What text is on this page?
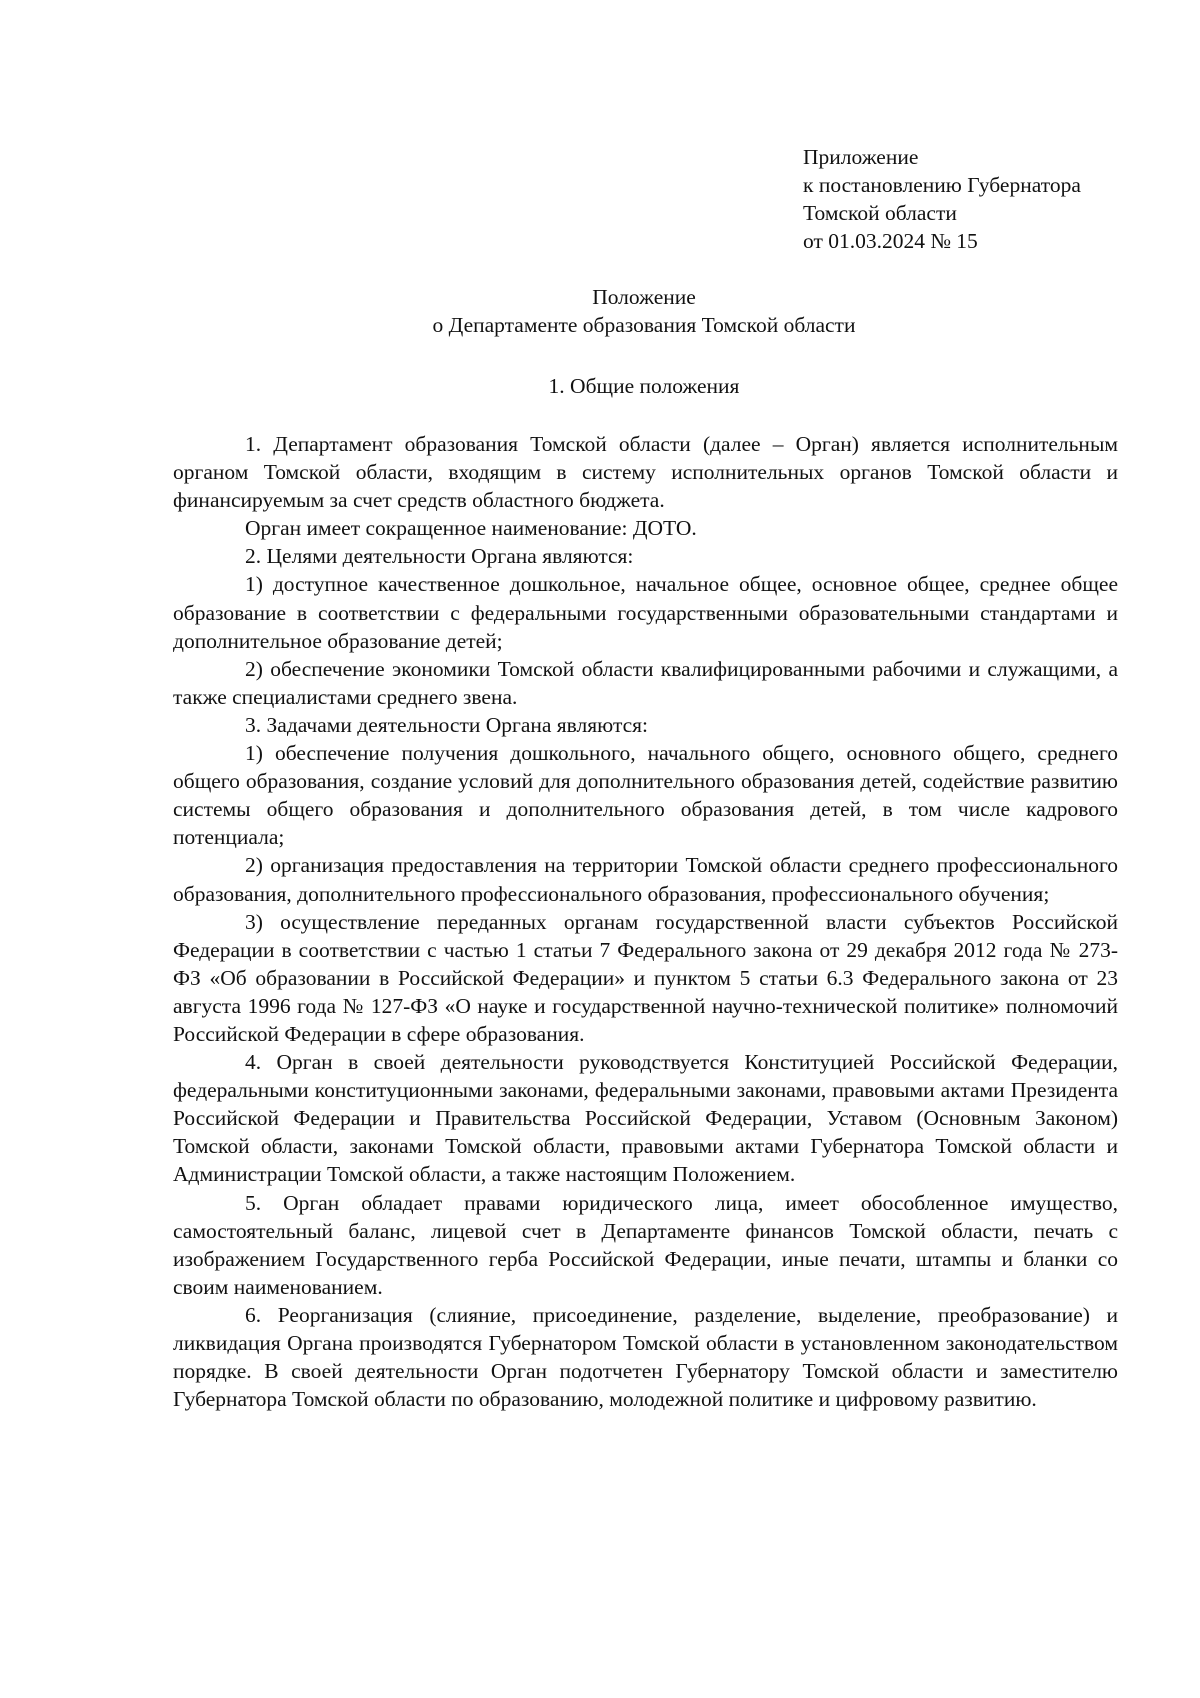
Приложение
к постановлению Губернатора
Томской области
от 01.03.2024 № 15
Положение
о Департаменте образования Томской области
1. Общие положения

1. Департамент образования Томской области (далее – Орган) является исполнительным органом Томской области, входящим в систему исполнительных органов Томской области и финансируемым за счет средств областного бюджета.

Орган имеет сокращенное наименование: ДОТО.

2. Целями деятельности Органа являются:

1) доступное качественное дошкольное, начальное общее, основное общее, среднее общее образование в соответствии с федеральными государственными образовательными стандартами и дополнительное образование детей;

2) обеспечение экономики Томской области квалифицированными рабочими и служащими, а также специалистами среднего звена.

3. Задачами деятельности Органа являются:

1) обеспечение получения дошкольного, начального общего, основного общего, среднего общего образования, создание условий для дополнительного образования детей, содействие развитию системы общего образования и дополнительного образования детей, в том числе кадрового потенциала;

2) организация предоставления на территории Томской области среднего профессионального образования, дополнительного профессионального образования, профессионального обучения;

3) осуществление переданных органам государственной власти субъектов Российской Федерации в соответствии с частью 1 статьи 7 Федерального закона от 29 декабря 2012 года № 273-ФЗ «Об образовании в Российской Федерации» и пунктом 5 статьи 6.3 Федерального закона от 23 августа 1996 года № 127-ФЗ «О науке и государственной научно-технической политике» полномочий Российской Федерации в сфере образования.

4. Орган в своей деятельности руководствуется Конституцией Российской Федерации, федеральными конституционными законами, федеральными законами, правовыми актами Президента Российской Федерации и Правительства Российской Федерации, Уставом (Основным Законом) Томской области, законами Томской области, правовыми актами Губернатора Томской области и Администрации Томской области, а также настоящим Положением.

5. Орган обладает правами юридического лица, имеет обособленное имущество, самостоятельный баланс, лицевой счет в Департаменте финансов Томской области, печать с изображением Государственного герба Российской Федерации, иные печати, штампы и бланки со своим наименованием.

6. Реорганизация (слияние, присоединение, разделение, выделение, преобразование) и ликвидация Органа производятся Губернатором Томской области в установленном законодательством порядке. В своей деятельности Орган подотчетен Губернатору Томской области и заместителю Губернатора Томской области по образованию, молодежной политике и цифровому развитию.
